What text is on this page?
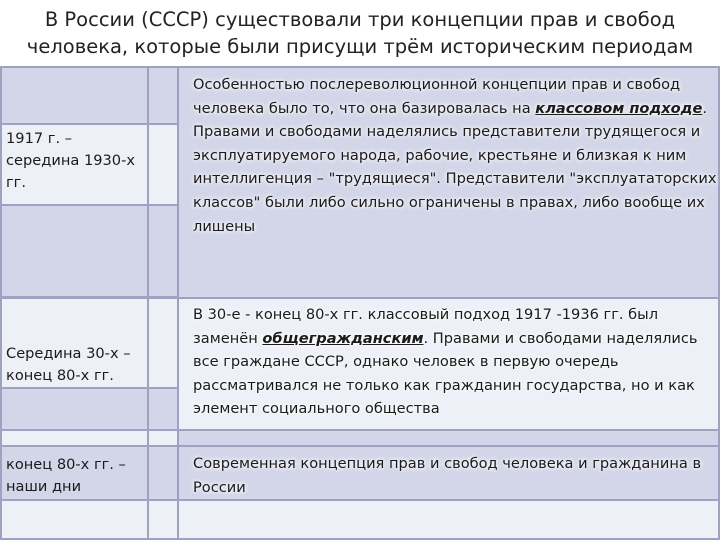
В России (СССР) существовали три концепции прав и свобод
человека, которые были присущи трём историческим периодам
1917 г. – середина 1930-х гг.
Середина 30-х – конец 80-х гг.
конец 80-х гг. – наши дни
Особенностью послереволюционной концепции прав и свобод человека было то, что она базировалась на классовом подходе. Правами и свободами наделялись представители трудящегося и эксплуатируемого народа, рабочие, крестьяне и близкая к ним интеллигенция – "трудящиеся". Представители "эксплуататорских классов" были либо сильно ограничены в правах, либо вообще их лишены
В 30-е - конец 80-х гг. классовый подход 1917 -1936 гг. был заменён общегражданским. Правами и свободами наделялись все граждане СССР, однако человек в первую очередь рассматривался не только как гражданин государства, но и как элемент социального общества
Современная концепция прав и свобод человека и гражданина в России
